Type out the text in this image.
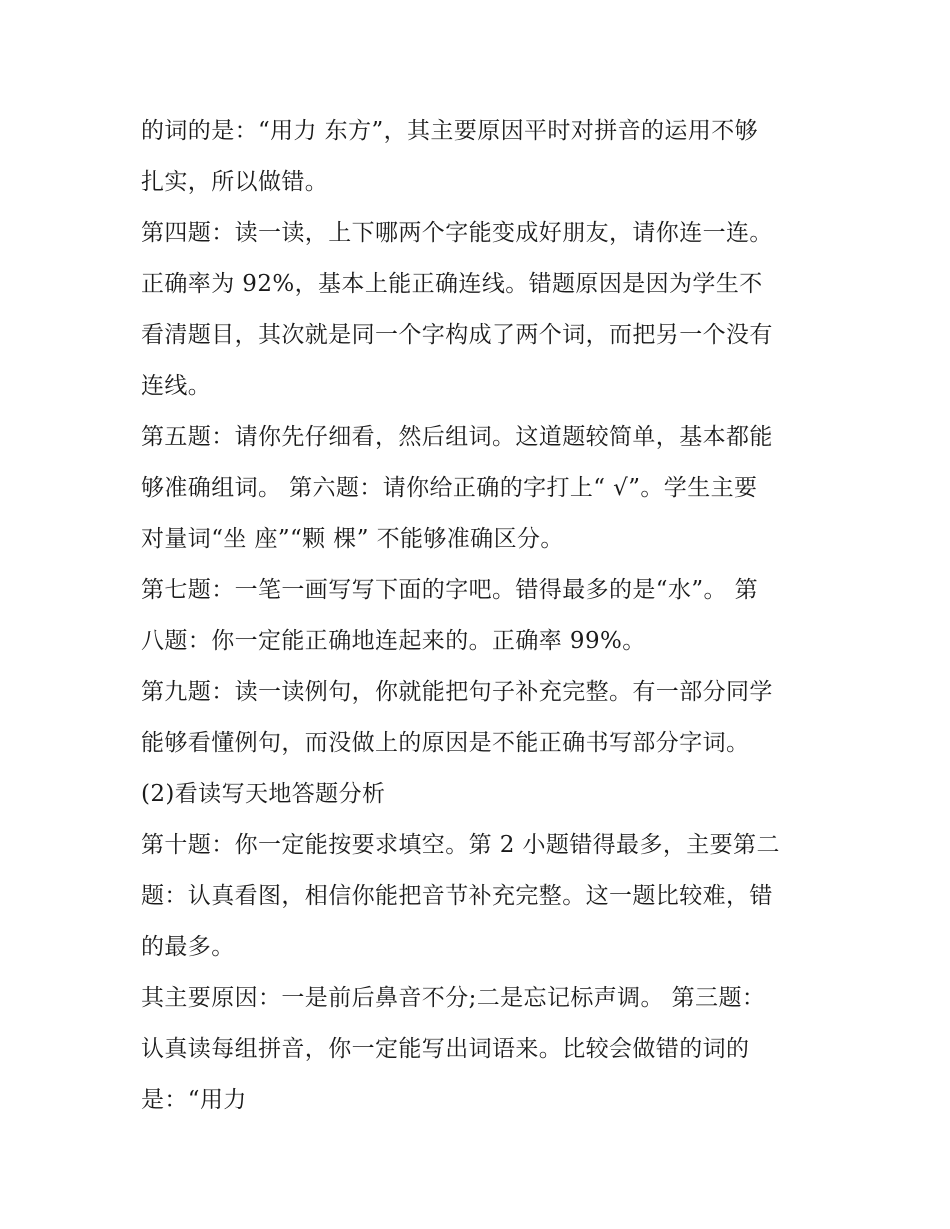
的词的是：“用力 东方”，其主要原因平时对拼音的运用不够
扎实，所以做错。
第四题：读一读，上下哪两个字能变成好朋友，请你连一连。
正确率为 92%，基本上能正确连线。错题原因是因为学生不
看清题目，其次就是同一个字构成了两个词，而把另一个没有
连线。
第五题：请你先仔细看，然后组词。这道题较简单，基本都能
够准确组词。 第六题：请你给正确的字打上“ √”。学生主要
对量词“坐 座”“颗 棵” 不能够准确区分。
第七题：一笔一画写写下面的字吧。错得最多的是“水”。 第
八题：你一定能正确地连起来的。正确率 99%。
第九题：读一读例句，你就能把句子补充完整。有一部分同学
能够看懂例句，而没做上的原因是不能正确书写部分字词。
(2)看读写天地答题分析
第十题：你一定能按要求填空。第 2 小题错得最多，主要第二
题：认真看图，相信你能把音节补充完整。这一题比较难，错
的最多。
其主要原因：一是前后鼻音不分;二是忘记标声调。 第三题：
认真读每组拼音，你一定能写出词语来。比较会做错的词的
是：“用力
